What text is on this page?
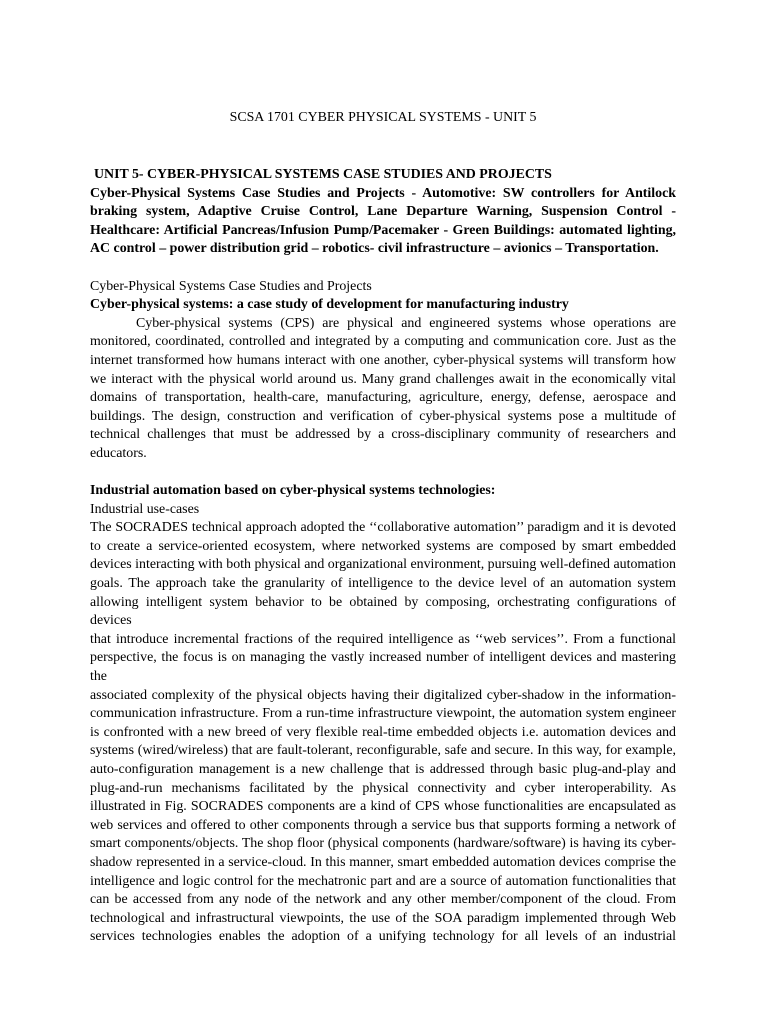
SCSA 1701 CYBER PHYSICAL SYSTEMS - UNIT 5
UNIT 5- CYBER-PHYSICAL SYSTEMS CASE STUDIES AND PROJECTS
Cyber-Physical Systems Case Studies and Projects - Automotive: SW controllers for Antilock
braking system, Adaptive Cruise Control, Lane Departure Warning, Suspension Control -
Healthcare: Artificial Pancreas/Infusion Pump/Pacemaker - Green Buildings: automated lighting,
AC control – power distribution grid – robotics- civil infrastructure – avionics – Transportation.
Cyber-Physical Systems Case Studies and Projects
Cyber-physical systems: a case study of development for manufacturing industry
Cyber-physical systems (CPS) are physical and engineered systems whose operations are
monitored, coordinated, controlled and integrated by a computing and communication core. Just as the
internet transformed how humans interact with one another, cyber-physical systems will transform how
we interact with the physical world around us. Many grand challenges await in the economically vital
domains of transportation, health-care, manufacturing, agriculture, energy, defense, aerospace and
buildings. The design, construction and verification of cyber-physical systems pose a multitude of
technical challenges that must be addressed by a cross-disciplinary community of researchers and
educators.
Industrial automation based on cyber-physical systems technologies:
Industrial use-cases
The SOCRADES technical approach adopted the ‘‘collaborative automation’’ paradigm and it is devoted
to create a service-oriented ecosystem, where networked systems are composed by smart embedded
devices interacting with both physical and organizational environment, pursuing well-defined automation
goals. The approach take the granularity of intelligence to the device level of an automation system
allowing intelligent system behavior to be obtained by composing, orchestrating configurations of devices
that introduce incremental fractions of the required intelligence as ‘‘web services’’. From a functional
perspective, the focus is on managing the vastly increased number of intelligent devices and mastering the
associated complexity of the physical objects having their digitalized cyber-shadow in the information-
communication infrastructure. From a run-time infrastructure viewpoint, the automation system engineer
is confronted with a new breed of very flexible real-time embedded objects i.e. automation devices and
systems (wired/wireless) that are fault-tolerant, reconfigurable, safe and secure. In this way, for example,
auto-configuration management is a new challenge that is addressed through basic plug-and-play and
plug-and-run mechanisms facilitated by the physical connectivity and cyber interoperability. As
illustrated in Fig. SOCRADES components are a kind of CPS whose functionalities are encapsulated as
web services and offered to other components through a service bus that supports forming a network of
smart components/objects. The shop floor (physical components (hardware/software) is having its cyber-
shadow represented in a service-cloud. In this manner, smart embedded automation devices comprise the
intelligence and logic control for the mechatronic part and are a source of automation functionalities that
can be accessed from any node of the network and any other member/component of the cloud. From
technological and infrastructural viewpoints, the use of the SOA paradigm implemented through Web
services technologies enables the adoption of a unifying technology for all levels of an industrial
